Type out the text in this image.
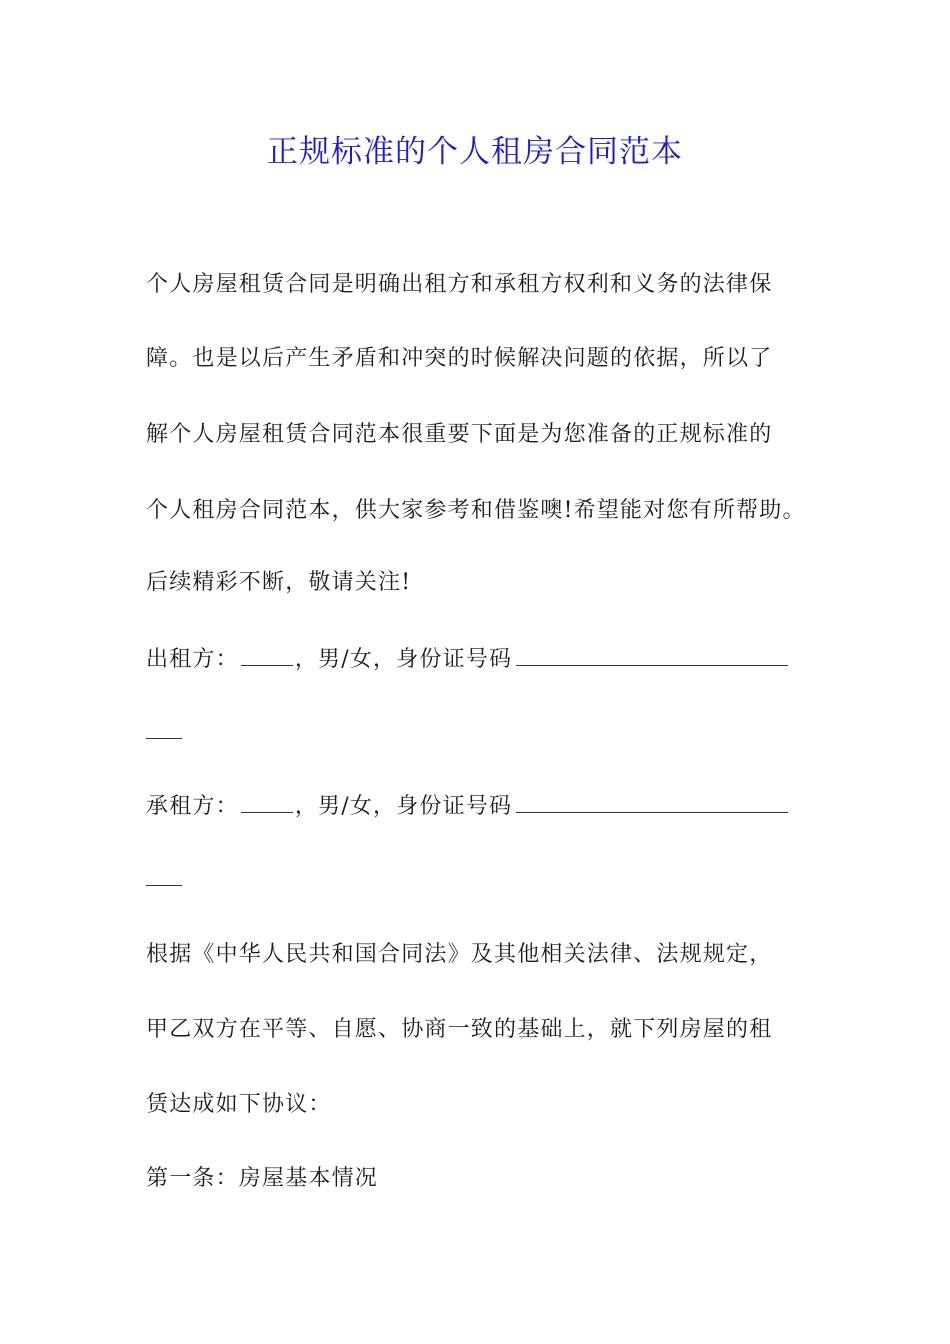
正规标准的个人租房合同范本
个人房屋租赁合同是明确出租方和承租方权利和义务的法律保
障。也是以后产生矛盾和冲突的时候解决问题的依据，所以了
解个人房屋租赁合同范本很重要下面是为您准备的正规标准的
个人租房合同范本，供大家参考和借鉴噢!希望能对您有所帮助。
后续精彩不断，敬请关注!
出租方：	，男/女，身份证号码
承租方：	，男/女，身份证号码
根据《中华人民共和国合同法》及其他相关法律、法规规定，
甲乙双方在平等、自愿、协商一致的基础上，就下列房屋的租
赁达成如下协议：
第一条：房屋基本情况
